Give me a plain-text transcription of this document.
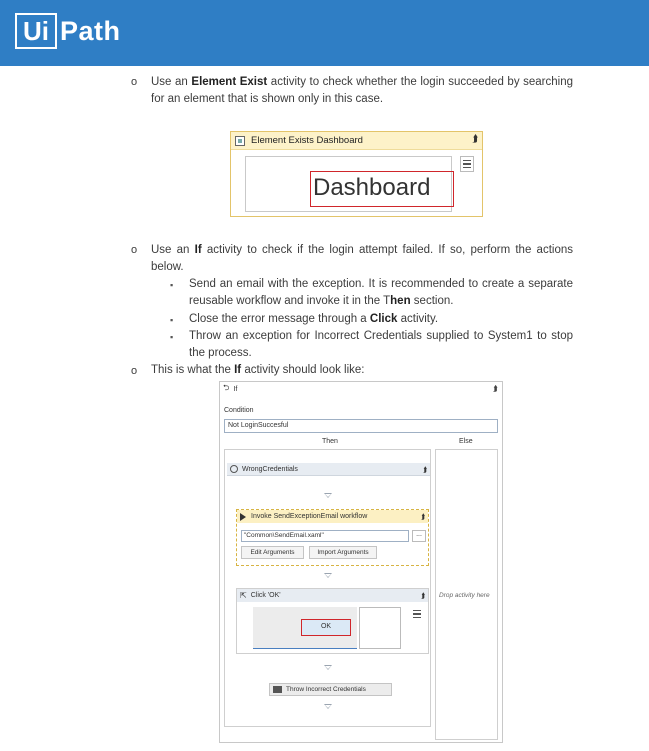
Ui Path
o Use an Element Exist activity to check whether the login succeeded by searching for an element that is shown only in this case.
Element Exists Dashboard	⮭
Dashboard
o Use an If activity to check if the login attempt failed. If so, perform the actions below.
▪ Send an email with the exception. It is recommended to create a separate reusable workflow and invoke it in the Then section.
▪ Close the error message through a Click activity.
▪ Throw an exception for Incorrect Credentials supplied to System1 to stop the process.
o This is what the If activity should look like:
⮌ If	⮭
Condition
Not LoginSuccesful
Then	Else
WrongCredentials	⮭
Invoke SendExceptionEmail workflow	⮭
"Common\SendEmail.xaml"	...
Edit Arguments	Import Arguments
⇱ Click 'OK'	⮭
OK
Throw Incorrect Credentials
Drop activity here
